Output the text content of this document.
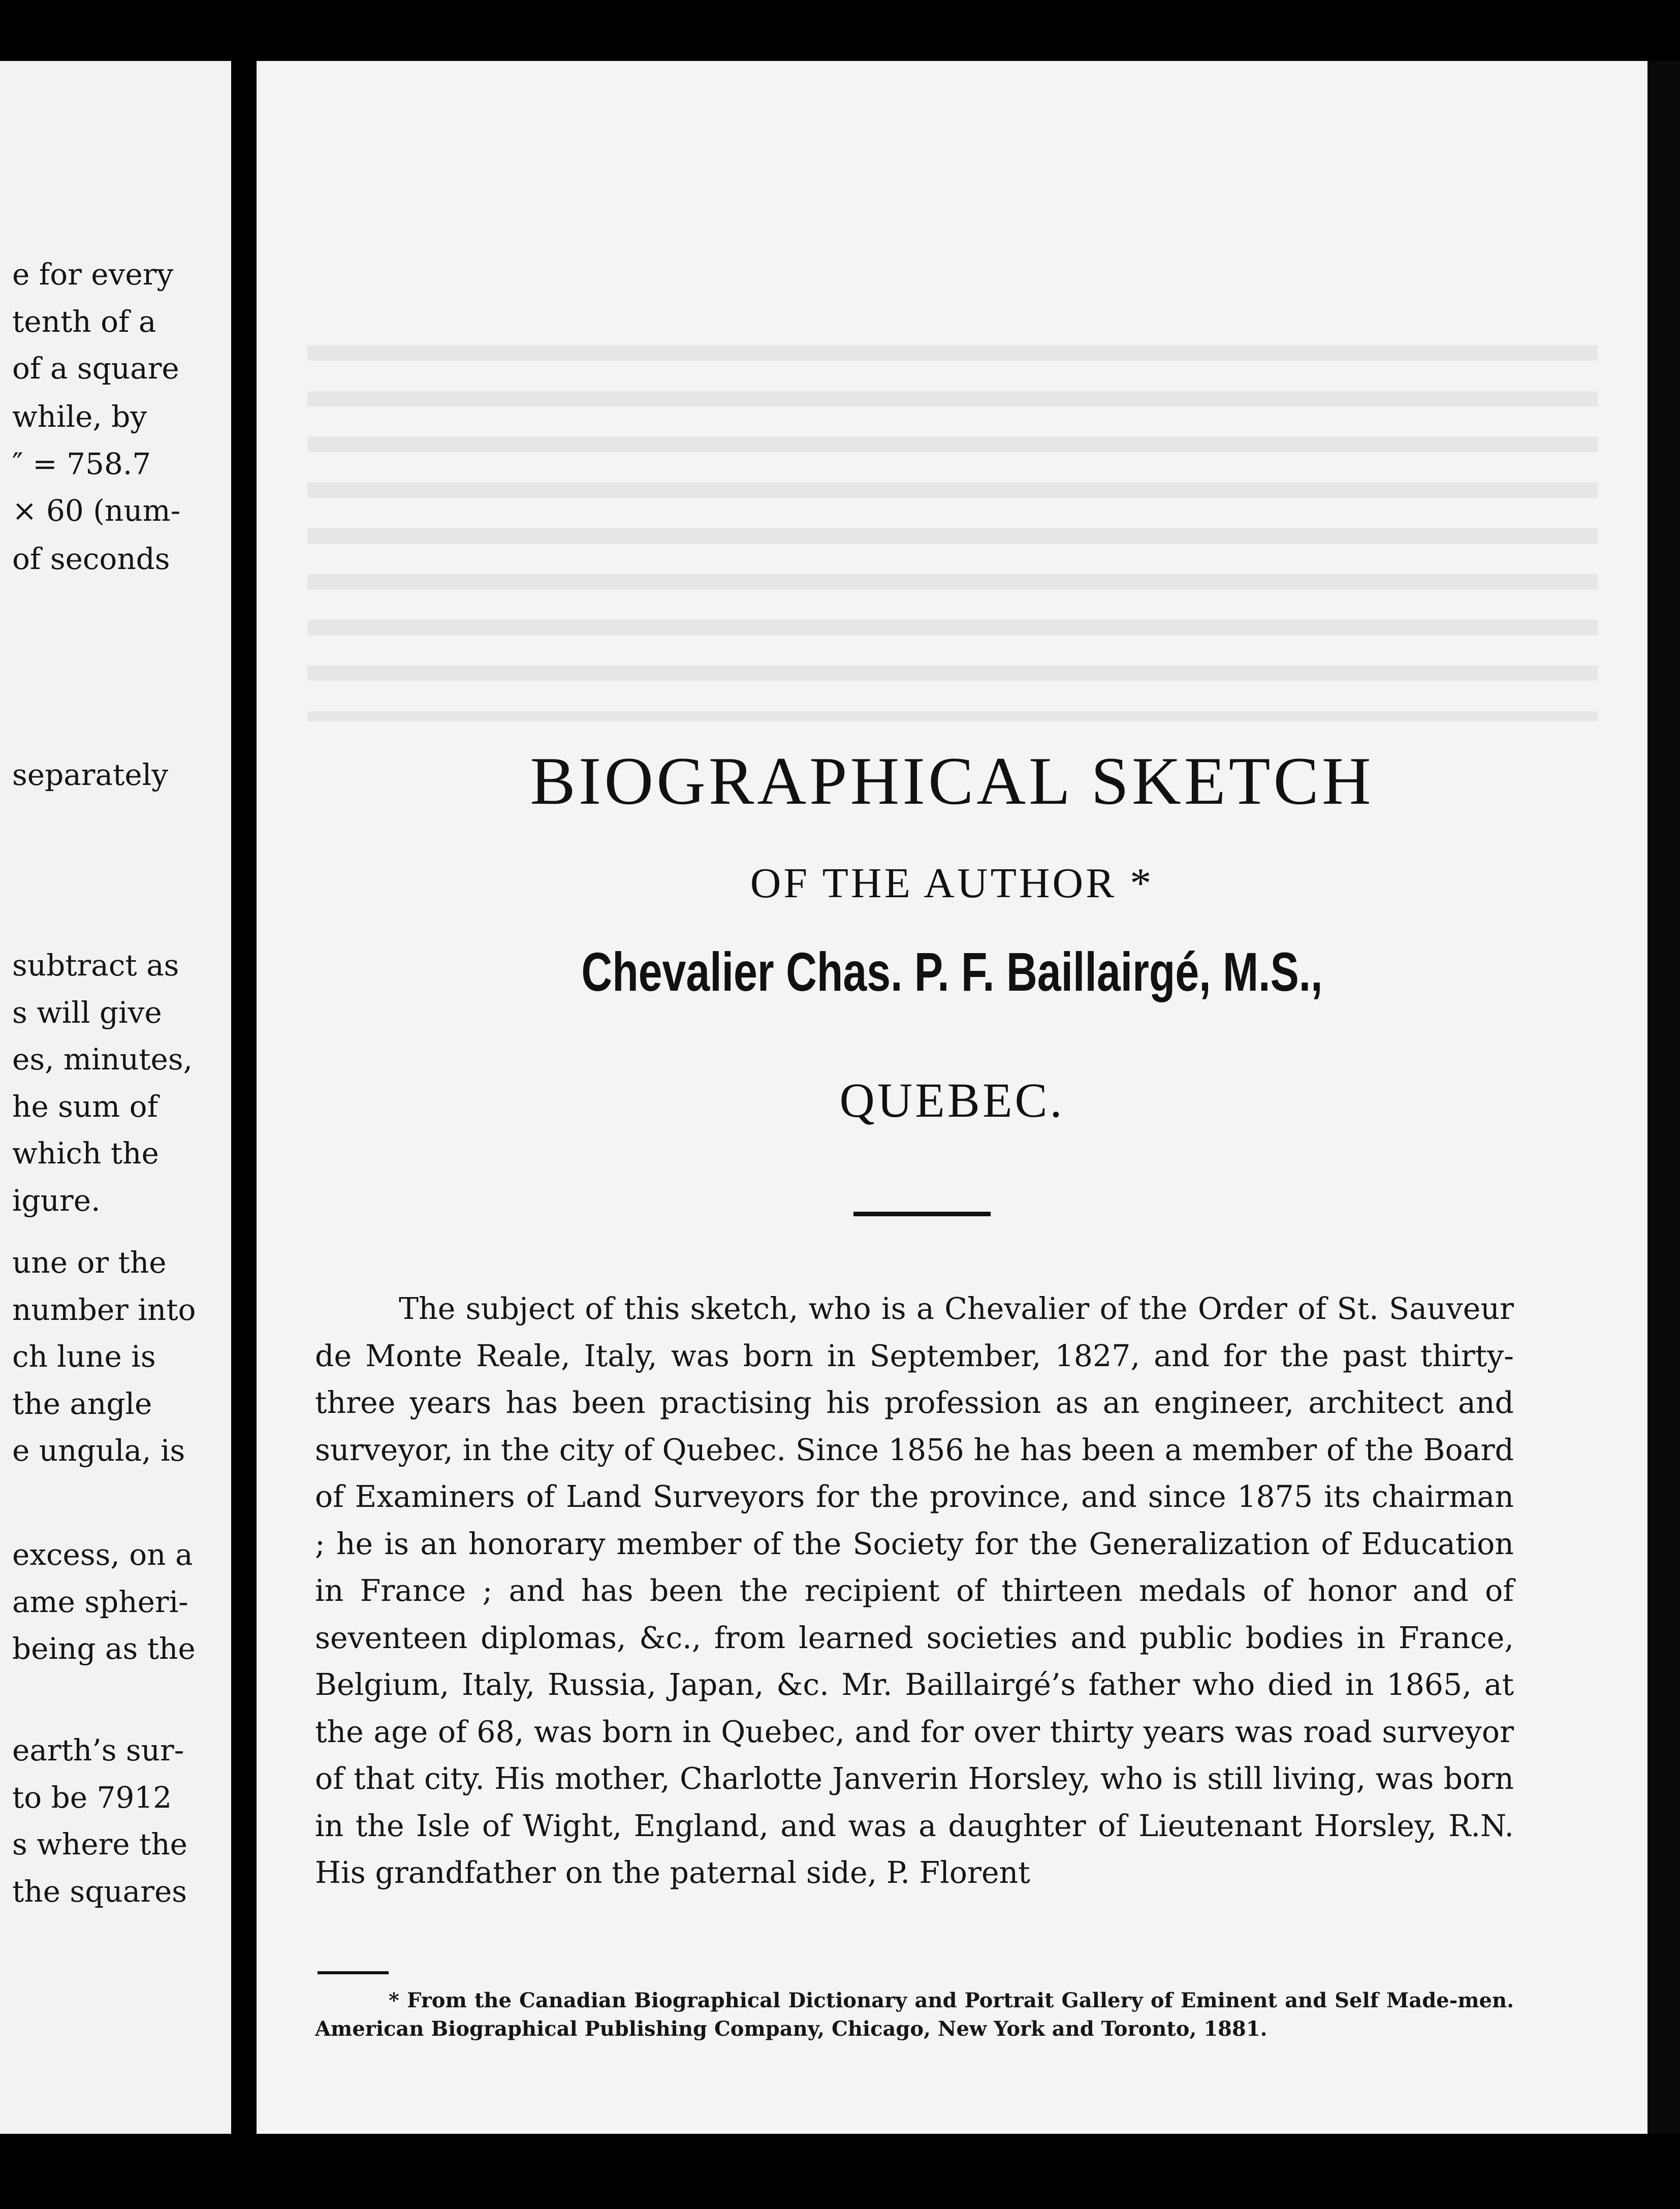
e for every
tenth of a
of a square
while, by
″ = 758.7
× 60 (num-
of seconds
separately
subtract as
s will give
es, minutes,
he sum of
which the
igure.
une or the
number into
ch lune is
the angle
e ungula, is
excess, on a
ame spheri-
being as the
earth’s sur-
to be 7912
s where the
the squares
BIOGRAPHICAL SKETCH
OF THE AUTHOR *
Chevalier Chas. P. F. Baillairgé, M.S.,
QUEBEC.

The subject of this sketch, who is a Chevalier of the Order of St. Sauveur de Monte Reale, Italy, was born in September, 1827, and for the past thirty-three years has been practising his profession as an engineer, architect and surveyor, in the city of Quebec. Since 1856 he has been a member of the Board of Examiners of Land Surveyors for the province, and since 1875 its chairman ; he is an honorary member of the Society for the Generalization of Education in France ; and has been the recipient of thirteen medals of honor and of seventeen diplomas, &c., from learned societies and public bodies in France, Belgium, Italy, Russia, Japan, &c. Mr. Baillairgé’s father who died in 1865, at the age of 68, was born in Quebec, and for over thirty years was road surveyor of that city. His mother, Charlotte Janverin Horsley, who is still living, was born in the Isle of Wight, England, and was a daughter of Lieutenant Horsley, R.N. His grandfather on the paternal side, P. Florent

* From the Canadian Biographical Dictionary and Portrait Gallery of Eminent and Self Made-men. American Biographical Publishing Company, Chicago, New York and Toronto, 1881.
